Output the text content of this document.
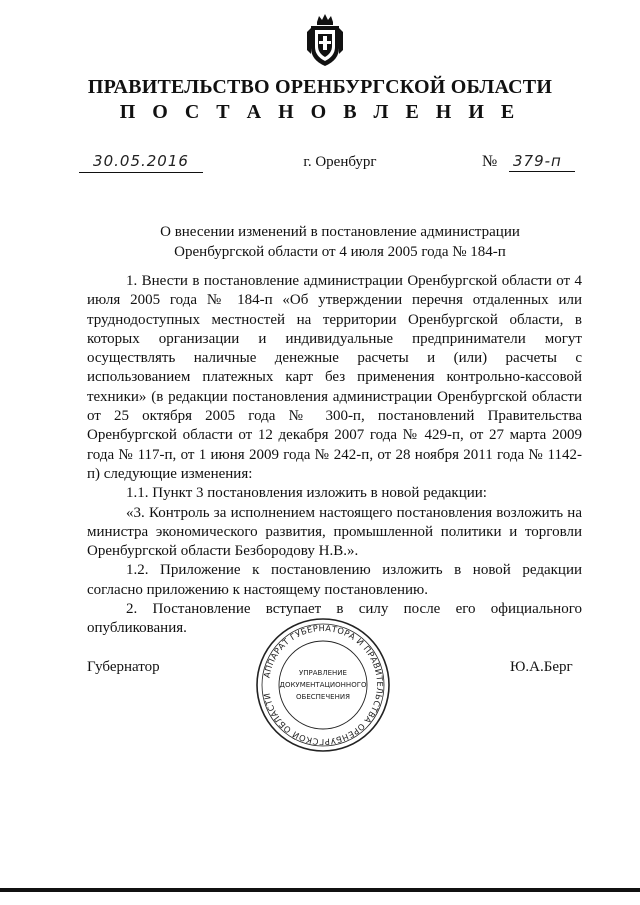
ПРАВИТЕЛЬСТВО ОРЕНБУРГСКОЙ ОБЛАСТИ
П О С Т А Н О В Л Е Н И Е
30.05.2016	г. Оренбург	№ 379-п
О внесении изменений в постановление администрации
Оренбургской области от 4 июля 2005 года № 184-п

1. Внести в постановление администрации Оренбургской области от 4 июля 2005 года № 184-п «Об утверждении перечня отдаленных или труднодоступных местностей на территории Оренбургской области, в которых организации и индивидуальные предприниматели могут осуществлять наличные денежные расчеты и (или) расчеты с использованием платежных карт без применения контрольно-кассовой техники» (в редакции постановления администрации Оренбургской области от 25 октября 2005 года № 300-п, постановлений Правительства Оренбургской области от 12 декабря 2007 года № 429-п, от 27 марта 2009 года № 117-п, от 1 июня 2009 года № 242-п, от 28 ноября 2011 года № 1142-п) следующие изменения:

1.1. Пункт 3 постановления изложить в новой редакции:

«3. Контроль за исполнением настоящего постановления возложить на министра экономического развития, промышленной политики и торговли Оренбургской области Безбородову Н.В.».

1.2. Приложение к постановлению изложить в новой редакции согласно приложению к настоящему постановлению.

2. Постановление вступает в силу после его официального опубликования.

Губернатор	Ю.А.Берг
АППАРАТ ГУБЕРНАТОРА И ПРАВИТЕЛЬСТВА ОРЕНБУРГСКОЙ ОБЛАСТИ
УПРАВЛЕНИЕ
ДОКУМЕНТАЦИОННОГО
ОБЕСПЕЧЕНИЯ
